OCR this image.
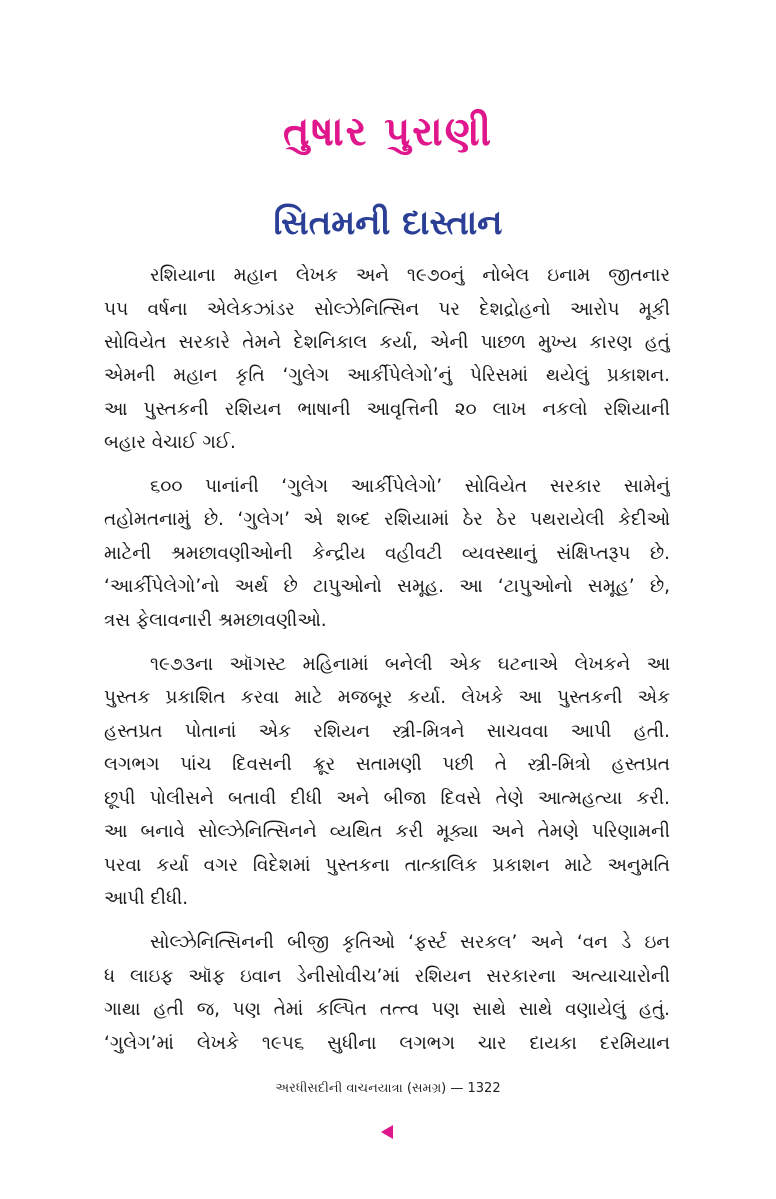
તુષાર પુરાણી
સિતમની દાસ્તાન
રશિયાના મહાન લેખક અને ૧૯૭૦નું નોબેલ ઇનામ જીતનાર
૫૫ વર્ષના એલેકઝાંડર સોલ્ઝેનિત્સિન પર દેશદ્રોહનો આરોપ મૂકી
સોવિયેત સરકારે તેમને દેશનિકાલ કર્યા, એની પાછળ મુખ્ય કારણ હતું
એમની મહાન કૃતિ ‘ગુલેગ આર્કીપેલેગો’નું પેરિસમાં થયેલું પ્રકાશન.
આ પુસ્તકની રશિયન ભાષાની આવૃત્તિની ૨૦ લાખ નકલો રશિયાની
બહાર વેચાઈ ગઈ.
૬૦૦ પાનાંની ‘ગુલેગ આર્કીપેલેગો’ સોવિયેત સરકાર સામેનું
તહોમતનામું છે. ‘ગુલેગ’ એ શબ્દ રશિયામાં ઠેર ઠેર પથરાયેલી કેદીઓ
માટેની શ્રમછાવણીઓની કેન્દ્રીય વહીવટી વ્યવસ્થાનું સંક્ષિપ્તરૂપ છે.
‘આર્કીપેલેગો’નો અર્થ છે ટાપુઓનો સમૂહ. આ ‘ટાપુઓનો સમૂહ’ છે,
ત્રસ ફેલાવનારી શ્રમછાવણીઓ.
૧૯૭૩ના ઑગસ્ટ મહિનામાં બનેલી એક ઘટનાએ લેખકને આ
પુસ્તક પ્રકાશિત કરવા માટે મજબૂર કર્યા. લેખકે આ પુસ્તકની એક
હસ્તપ્રત પોતાનાં એક રશિયન સ્ત્રી-મિત્રને સાચવવા આપી હતી.
લગભગ પાંચ દિવસની ક્રૂર સતામણી પછી તે સ્ત્રી-મિત્રો હસ્તપ્રત
છૂપી પોલીસને બતાવી દીધી અને બીજા દિવસે તેણે આત્મહત્યા કરી.
આ બનાવે સોલ્ઝેનિત્સિનને વ્યથિત કરી મૂક્યા અને તેમણે પરિણામની
પરવા કર્યા વગર વિદેશમાં પુસ્તકના તાત્કાલિક પ્રકાશન માટે અનુમતિ
આપી દીધી.
સોલ્ઝેનિત્સિનની બીજી કૃતિઓ ‘ફર્સ્ટ સરકલ’ અને ‘વન ડે ઇન
ધ લાઇફ ઑફ ઇવાન ડેનીસોવીચ’માં રશિયન સરકારના અત્યાચારોની
ગાથા હતી જ, પણ તેમાં કલ્પિત તત્ત્વ પણ સાથે સાથે વણાયેલું હતું.
‘ગુલેગ’માં લેખકે ૧૯૫૬ સુધીના લગભગ ચાર દાયકા દરમિયાન
અરધીસદીની વાચનયાત્રા (સમગ્ર) — 1322
